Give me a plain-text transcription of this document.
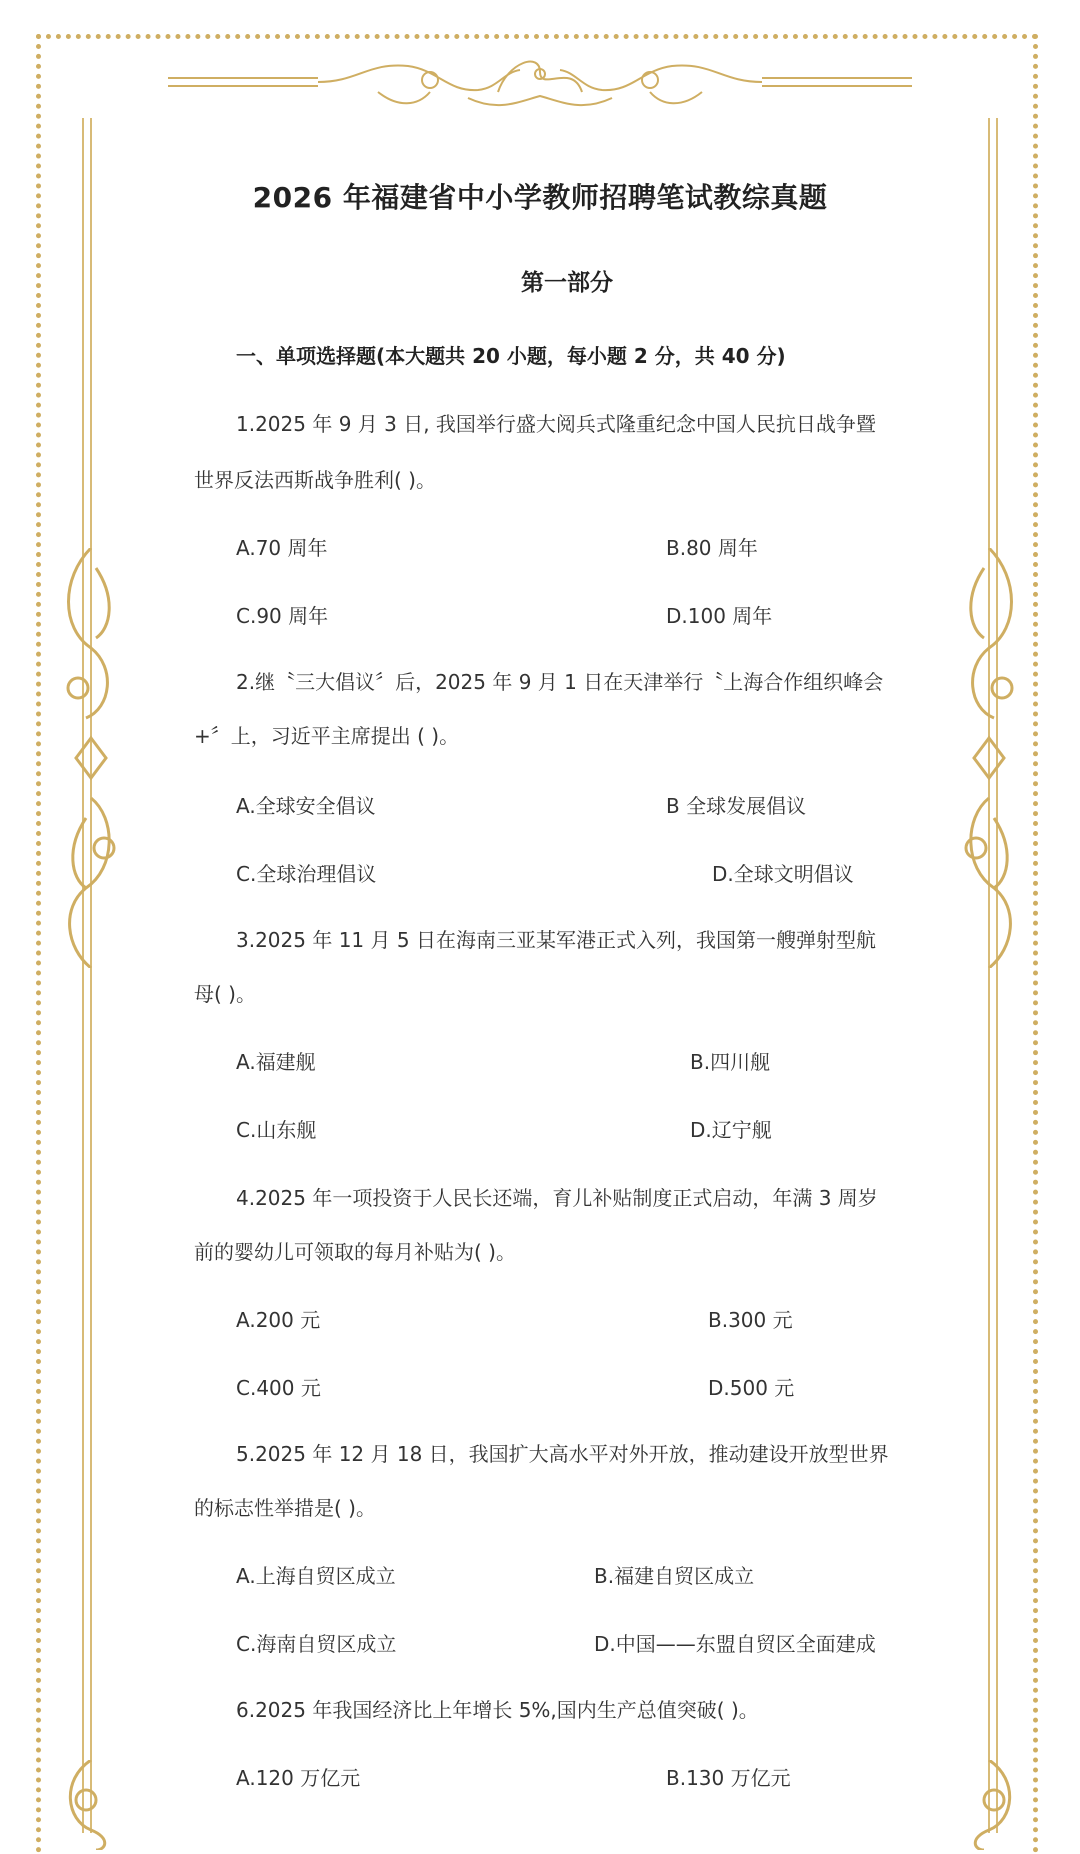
2026 年福建省中小学教师招聘笔试教综真题
第一部分
一、单项选择题(本大题共 20 小题，每小题 2 分，共 40 分)
1.2025 年 9 月 3 日, 我国举行盛大阅兵式隆重纪念中国人民抗日战争暨
世界反法西斯战争胜利( )。
A.70 周年	B.80 周年
C.90 周年	D.100 周年
2.继〝三大倡议〞后，2025 年 9 月 1 日在天津举行〝上海合作组织峰会
+〞上，习近平主席提出 ( )。
A.全球安全倡议	B 全球发展倡议
C.全球治理倡议	D.全球文明倡议
3.2025 年 11 月 5 日在海南三亚某军港正式入列，我国第一艘弹射型航
母( )。
A.福建舰	B.四川舰
C.山东舰	D.辽宁舰
4.2025 年一项投资于人民长还端，育儿补贴制度正式启动，年满 3 周岁
前的婴幼儿可领取的每月补贴为( )。
A.200 元	B.300 元
C.400 元	D.500 元
5.2025 年 12 月 18 日，我国扩大高水平对外开放，推动建设开放型世界
的标志性举措是( )。
A.上海自贸区成立	B.福建自贸区成立
C.海南自贸区成立	D.中国——东盟自贸区全面建成
6.2025 年我国经济比上年增长 5%,国内生产总值突破( )。
A.120 万亿元	B.130 万亿元
